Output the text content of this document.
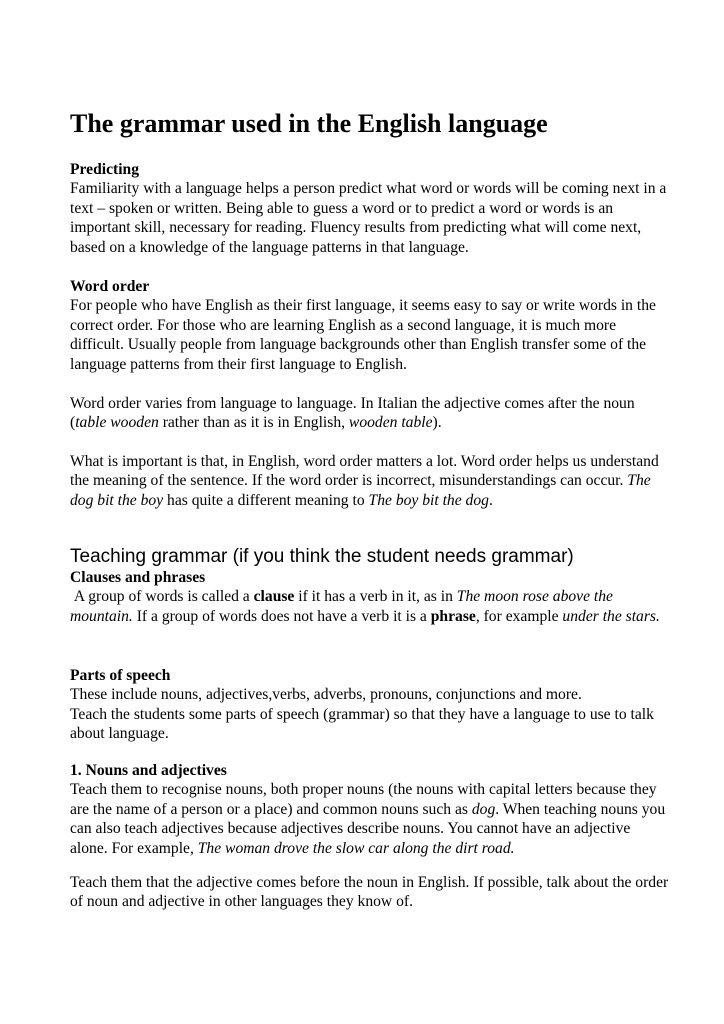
The grammar used in the English language
Predicting

Familiarity with a language helps a person predict what word or words will be coming next in a text – spoken or written. Being able to guess a word or to predict a word or words is an important skill, necessary for reading. Fluency results from predicting what will come next, based on a knowledge of the language patterns in that language.

Word order

For people who have English as their first language, it seems easy to say or write words in the correct order. For those who are learning English as a second language, it is much more difficult. Usually people from language backgrounds other than English transfer some of the language patterns from their first language to English.

Word order varies from language to language. In Italian the adjective comes after the noun (table wooden rather than as it is in English, wooden table).

What is important is that, in English, word order matters a lot. Word order helps us understand the meaning of the sentence. If the word order is incorrect, misunderstandings can occur. The dog bit the boy has quite a different meaning to The boy bit the dog.

Teaching grammar (if you think the student needs grammar)
Clauses and phrases

A group of words is called a clause if it has a verb in it, as in The moon rose above the mountain. If a group of words does not have a verb it is a phrase, for example under the stars.

Parts of speech

These include nouns, adjectives,verbs, adverbs, pronouns, conjunctions and more.

Teach the students some parts of speech (grammar) so that they have a language to use to talk about language.

1. Nouns and adjectives

Teach them to recognise nouns, both proper nouns (the nouns with capital letters because they are the name of a person or a place) and common nouns such as dog. When teaching nouns you can also teach adjectives because adjectives describe nouns. You cannot have an adjective alone. For example, The woman drove the slow car along the dirt road.

Teach them that the adjective comes before the noun in English. If possible, talk about the order of noun and adjective in other languages they know of.
